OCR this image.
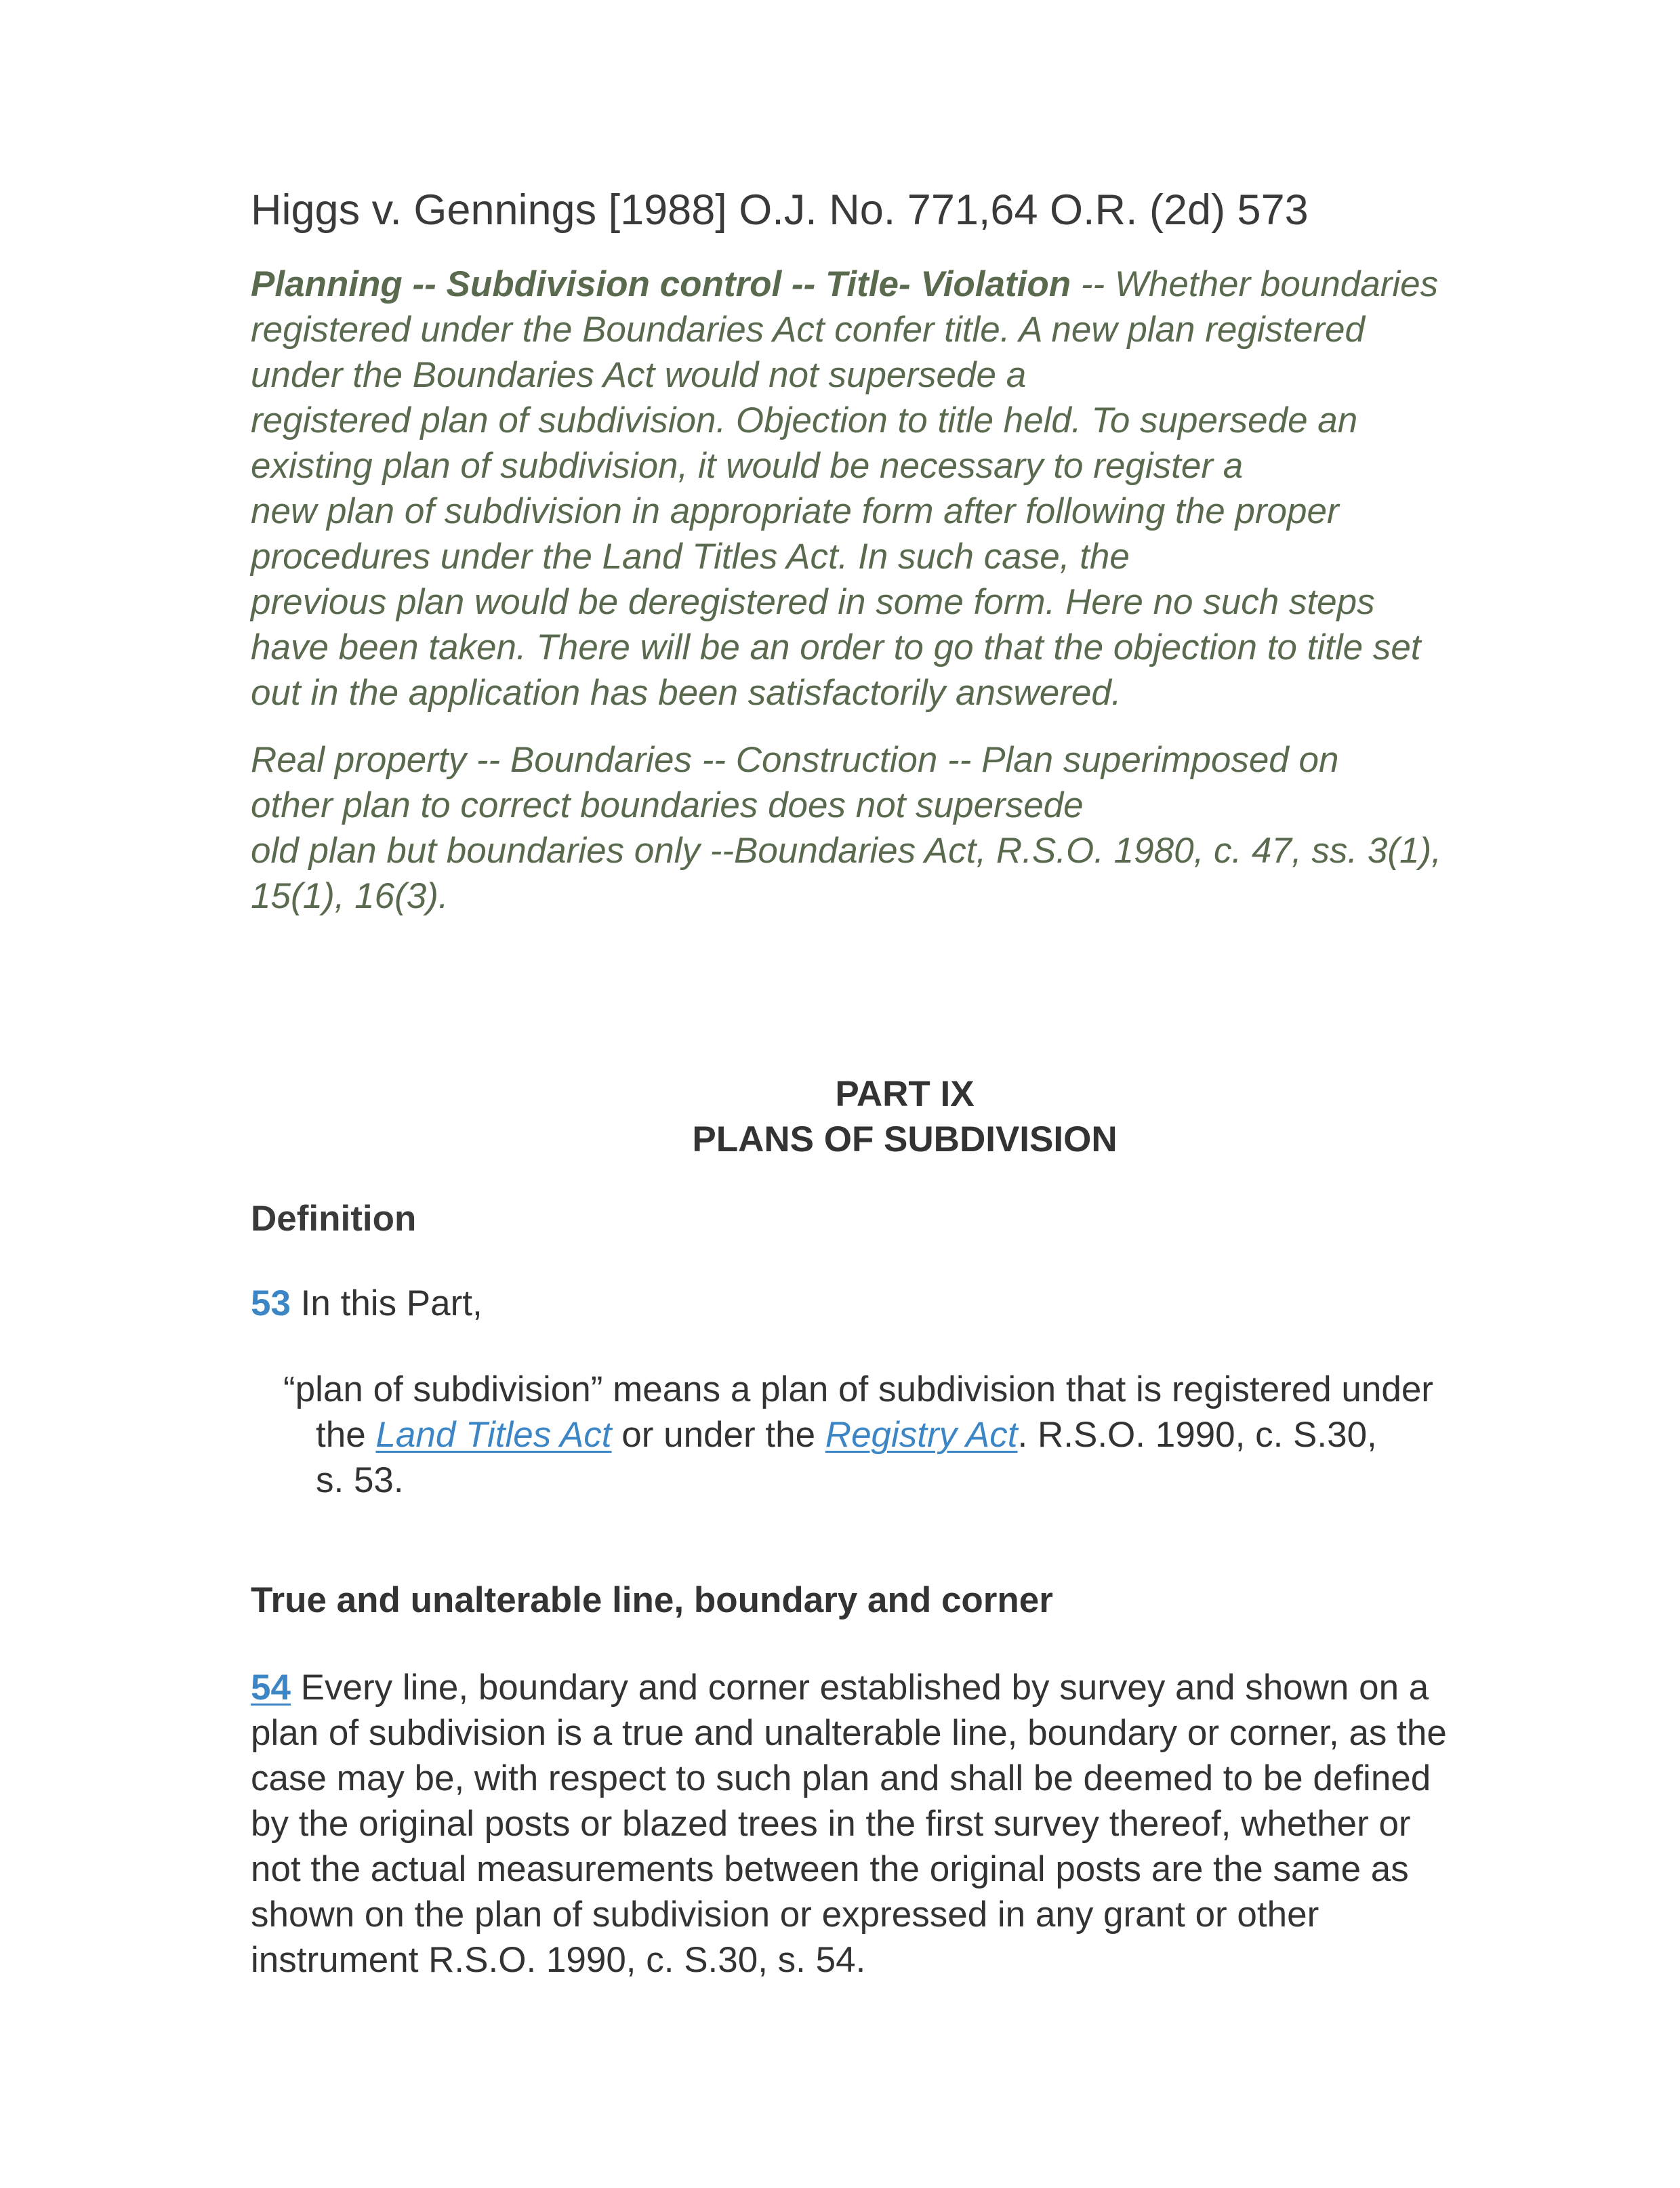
Higgs v. Gennings [1988] O.J. No. 771,64 O.R. (2d) 573
Planning -- Subdivision control -- Title- Violation -- Whether boundaries
registered under the Boundaries Act confer title. A new plan registered
under the Boundaries Act would not supersede a
registered plan of subdivision. Objection to title held. To supersede an
existing plan of subdivision, it would be necessary to register a
new plan of subdivision in appropriate form after following the proper
procedures under the Land Titles Act. In such case, the
previous plan would be deregistered in some form. Here no such steps
have been taken. There will be an order to go that the objection to title set
out in the application has been satisfactorily answered.
Real property -- Boundaries -- Construction -- Plan superimposed on
other plan to correct boundaries does not supersede
old plan but boundaries only --Boundaries Act, R.S.O. 1980, c. 47, ss. 3(1),
15(1), 16(3).
PART IX
PLANS OF SUBDIVISION
Definition
53 In this Part,
“plan of subdivision” means a plan of subdivision that is registered under
the Land Titles Act or under the Registry Act. R.S.O. 1990, c. S.30,
s. 53.
True and unalterable line, boundary and corner
54 Every line, boundary and corner established by survey and shown on a
plan of subdivision is a true and unalterable line, boundary or corner, as the
case may be, with respect to such plan and shall be deemed to be defined
by the original posts or blazed trees in the first survey thereof, whether or
not the actual measurements between the original posts are the same as
shown on the plan of subdivision or expressed in any grant or other
instrument R.S.O. 1990, c. S.30, s. 54.
